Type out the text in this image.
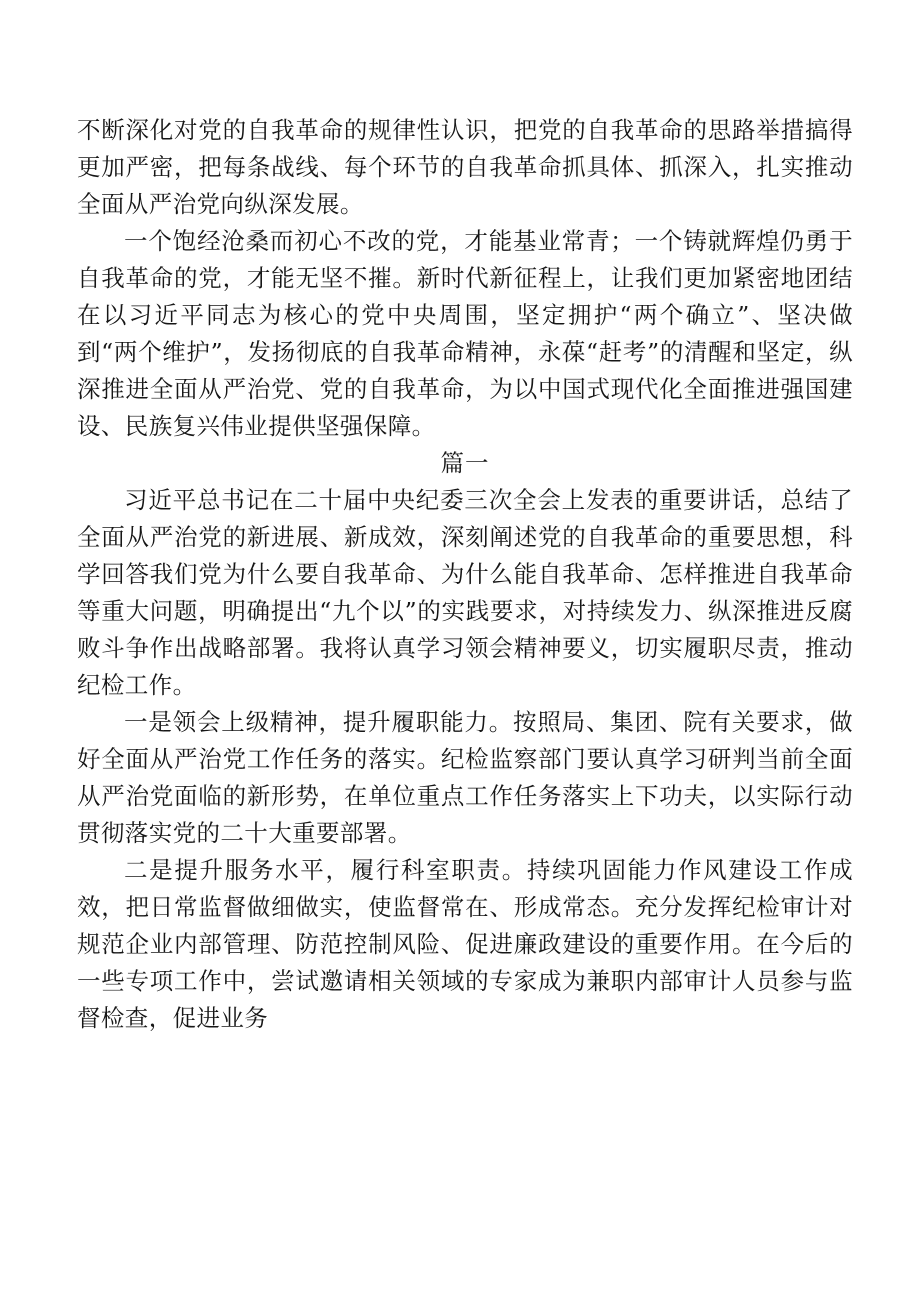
不断深化对党的自我革命的规律性认识，把党的自我革命的思路举措搞得更加严密，把每条战线、每个环节的自我革命抓具体、抓深入，扎实推动全面从严治党向纵深发展。

一个饱经沧桑而初心不改的党，才能基业常青；一个铸就辉煌仍勇于自我革命的党，才能无坚不摧。新时代新征程上，让我们更加紧密地团结在以习近平同志为核心的党中央周围，坚定拥护“两个确立”、坚决做到“两个维护”，发扬彻底的自我革命精神，永葆“赶考”的清醒和坚定，纵深推进全面从严治党、党的自我革命，为以中国式现代化全面推进强国建设、民族复兴伟业提供坚强保障。

篇一

习近平总书记在二十届中央纪委三次全会上发表的重要讲话，总结了全面从严治党的新进展、新成效，深刻阐述党的自我革命的重要思想，科学回答我们党为什么要自我革命、为什么能自我革命、怎样推进自我革命等重大问题，明确提出“九个以”的实践要求，对持续发力、纵深推进反腐败斗争作出战略部署。我将认真学习领会精神要义，切实履职尽责，推动纪检工作。

一是领会上级精神，提升履职能力。按照局、集团、院有关要求，做好全面从严治党工作任务的落实。纪检监察部门要认真学习研判当前全面从严治党面临的新形势，在单位重点工作任务落实上下功夫，以实际行动贯彻落实党的二十大重要部署。

二是提升服务水平，履行科室职责。持续巩固能力作风建设工作成效，把日常监督做细做实，使监督常在、形成常态。充分发挥纪检审计对规范企业内部管理、防范控制风险、促进廉政建设的重要作用。在今后的一些专项工作中，尝试邀请相关领域的专家成为兼职内部审计人员参与监督检查，促进业务
